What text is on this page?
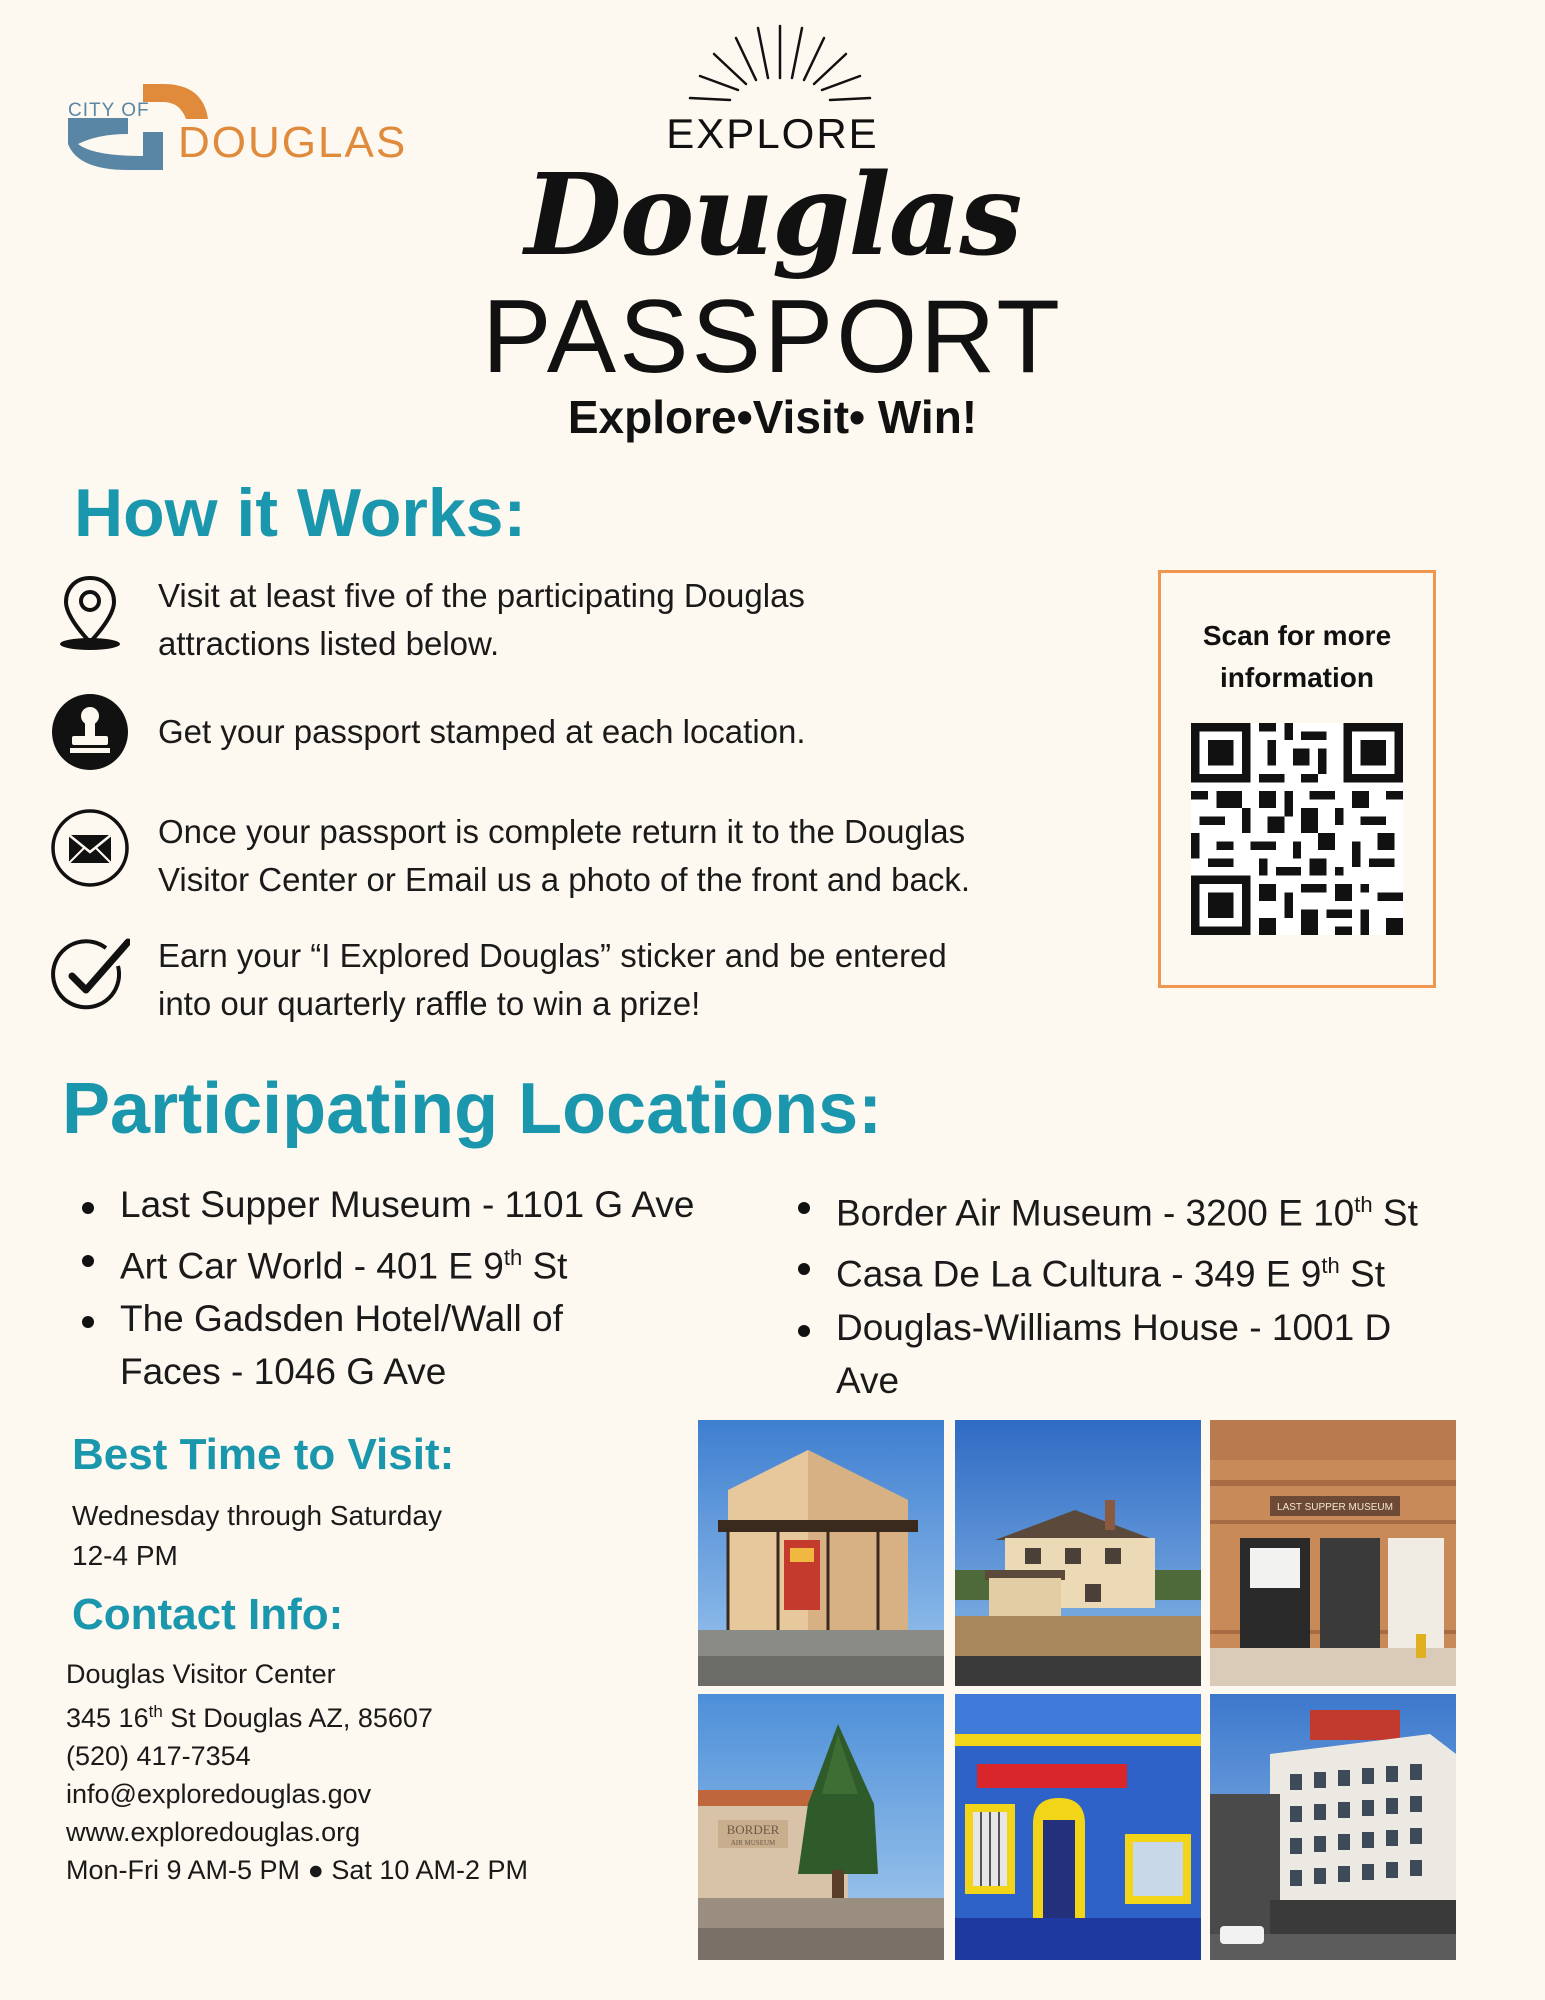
CITY OF
DOUGLAS	EXPLORE
Douglas
PASSPORT
Explore•Visit• Win!
How it Works:
Visit at least five of the participating Douglas
attractions listed below.
Get your passport stamped at each location.
Once your passport is complete return it to the Douglas
Visitor Center or Email us a photo of the front and back.
Earn your “I Explored Douglas” sticker and be entered
into our quarterly raffle to win a prize!
Scan for more
information
Participating Locations:
Last Supper Museum - 1101 G Ave
Art Car World - 401 E 9th St
The Gadsden Hotel/Wall of
Faces - 1046 G Ave
Border Air Museum - 3200 E 10th St
Casa De La Cultura - 349 E 9th St
Douglas-Williams House - 1001 D
Ave
Best Time to Visit:
Wednesday through Saturday
12-4 PM
Contact Info:
Douglas Visitor Center
345 16th St Douglas AZ, 85607
(520) 417-7354
info@exploredouglas.gov
www.exploredouglas.org
Mon-Fri 9 AM-5 PM ● Sat 10 AM-2 PM
LAST SUPPER MUSEUM
BORDER
AIR MUSEUM
